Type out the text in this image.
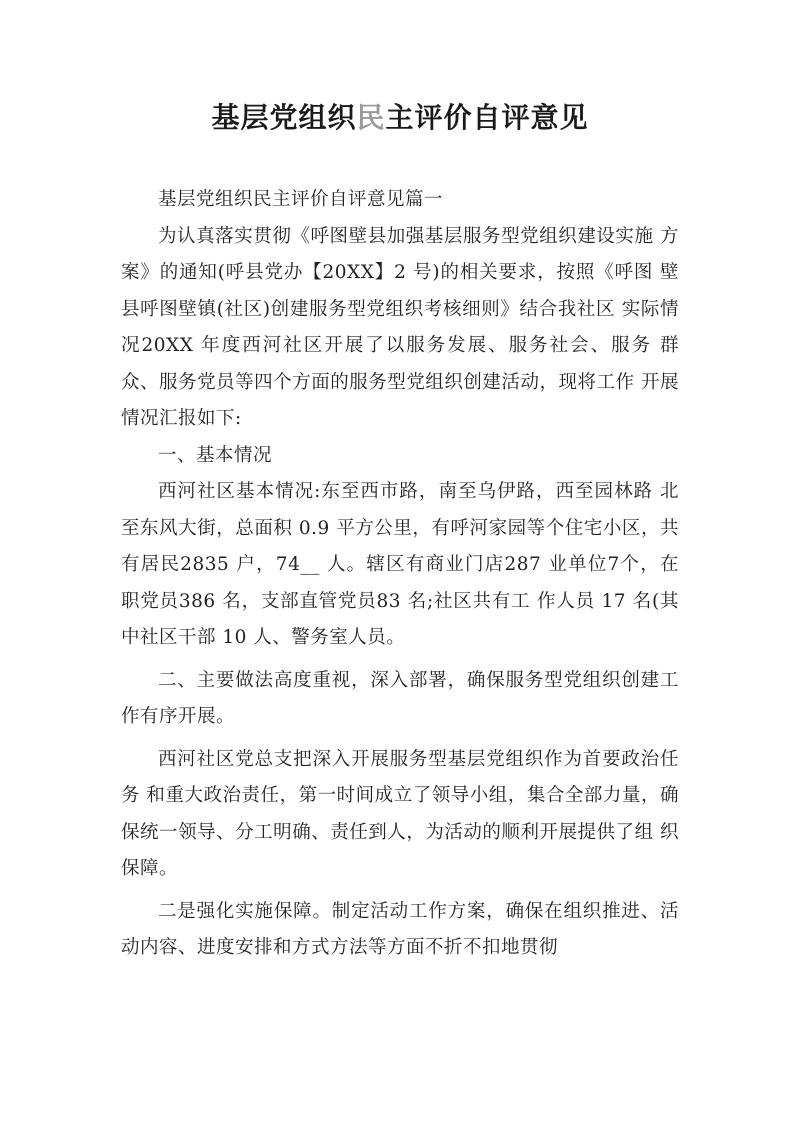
基层党组织民主评价自评意见

基层党组织民主评价自评意见篇一

为认真落实贯彻《呼图壁县加强基层服务型党组织建设实施 方案》的通知(呼县党办【20XX】2 号)的相关要求，按照《呼图 壁县呼图壁镇(社区)创建服务型党组织考核细则》结合我社区 实际情况20XX 年度西河社区开展了以服务发展、服务社会、服务 群众、服务党员等四个方面的服务型党组织创建活动，现将工作 开展情况汇报如下:

一、基本情况

西河社区基本情况:东至西市路，南至乌伊路，西至园林路 北至东风大街，总面积 0.9 平方公里，有呼河家园等个住宅小区，共有居民2835 户，74__ 人。辖区有商业门店287 业单位7个，在职党员386 名，支部直管党员83 名;社区共有工 作人员 17 名(其中社区干部 10 人、警务室人员。

二、主要做法高度重视，深入部署，确保服务型党组织创建工作有序开展。

西河社区党总支把深入开展服务型基层党组织作为首要政治任务 和重大政治责任，第一时间成立了领导小组，集合全部力量，确 保统一领导、分工明确、责任到人，为活动的顺利开展提供了组 织保障。

二是强化实施保障。制定活动工作方案，确保在组织推进、活动内容、进度安排和方式方法等方面不折不扣地贯彻
